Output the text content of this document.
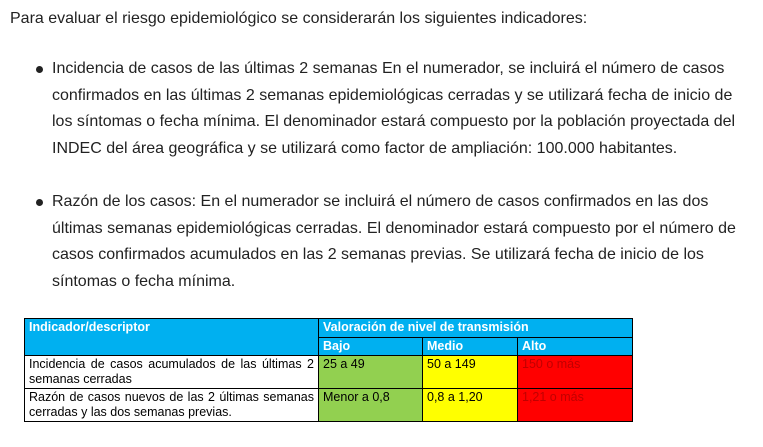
Para evaluar el riesgo epidemiológico se considerarán los siguientes indicadores:

Incidencia de casos de las últimas 2 semanas En el numerador, se incluirá el número de casos confirmados en las últimas 2 semanas epidemiológicas cerradas y se utilizará fecha de inicio de los síntomas o fecha mínima. El denominador estará compuesto por la población proyectada del INDEC del área geográfica y se utilizará como factor de ampliación: 100.000 habitantes.
Razón de los casos: En el numerador se incluirá el número de casos confirmados en las dos últimas semanas epidemiológicas cerradas. El denominador estará compuesto por el número de casos confirmados acumulados en las 2 semanas previas. Se utilizará fecha de inicio de los síntomas o fecha mínima.
Indicador/descriptor	Valoración de nivel de transmisión		
	Bajo	Medio	Alto
Incidencia de casos acumulados de las últimas 2 semanas cerradas	25 a 49	50 a 149	150 o más
Razón de casos nuevos de las 2 últimas semanas cerradas y las dos semanas previas.	Menor a 0,8	0,8 a 1,20	1,21 o más
